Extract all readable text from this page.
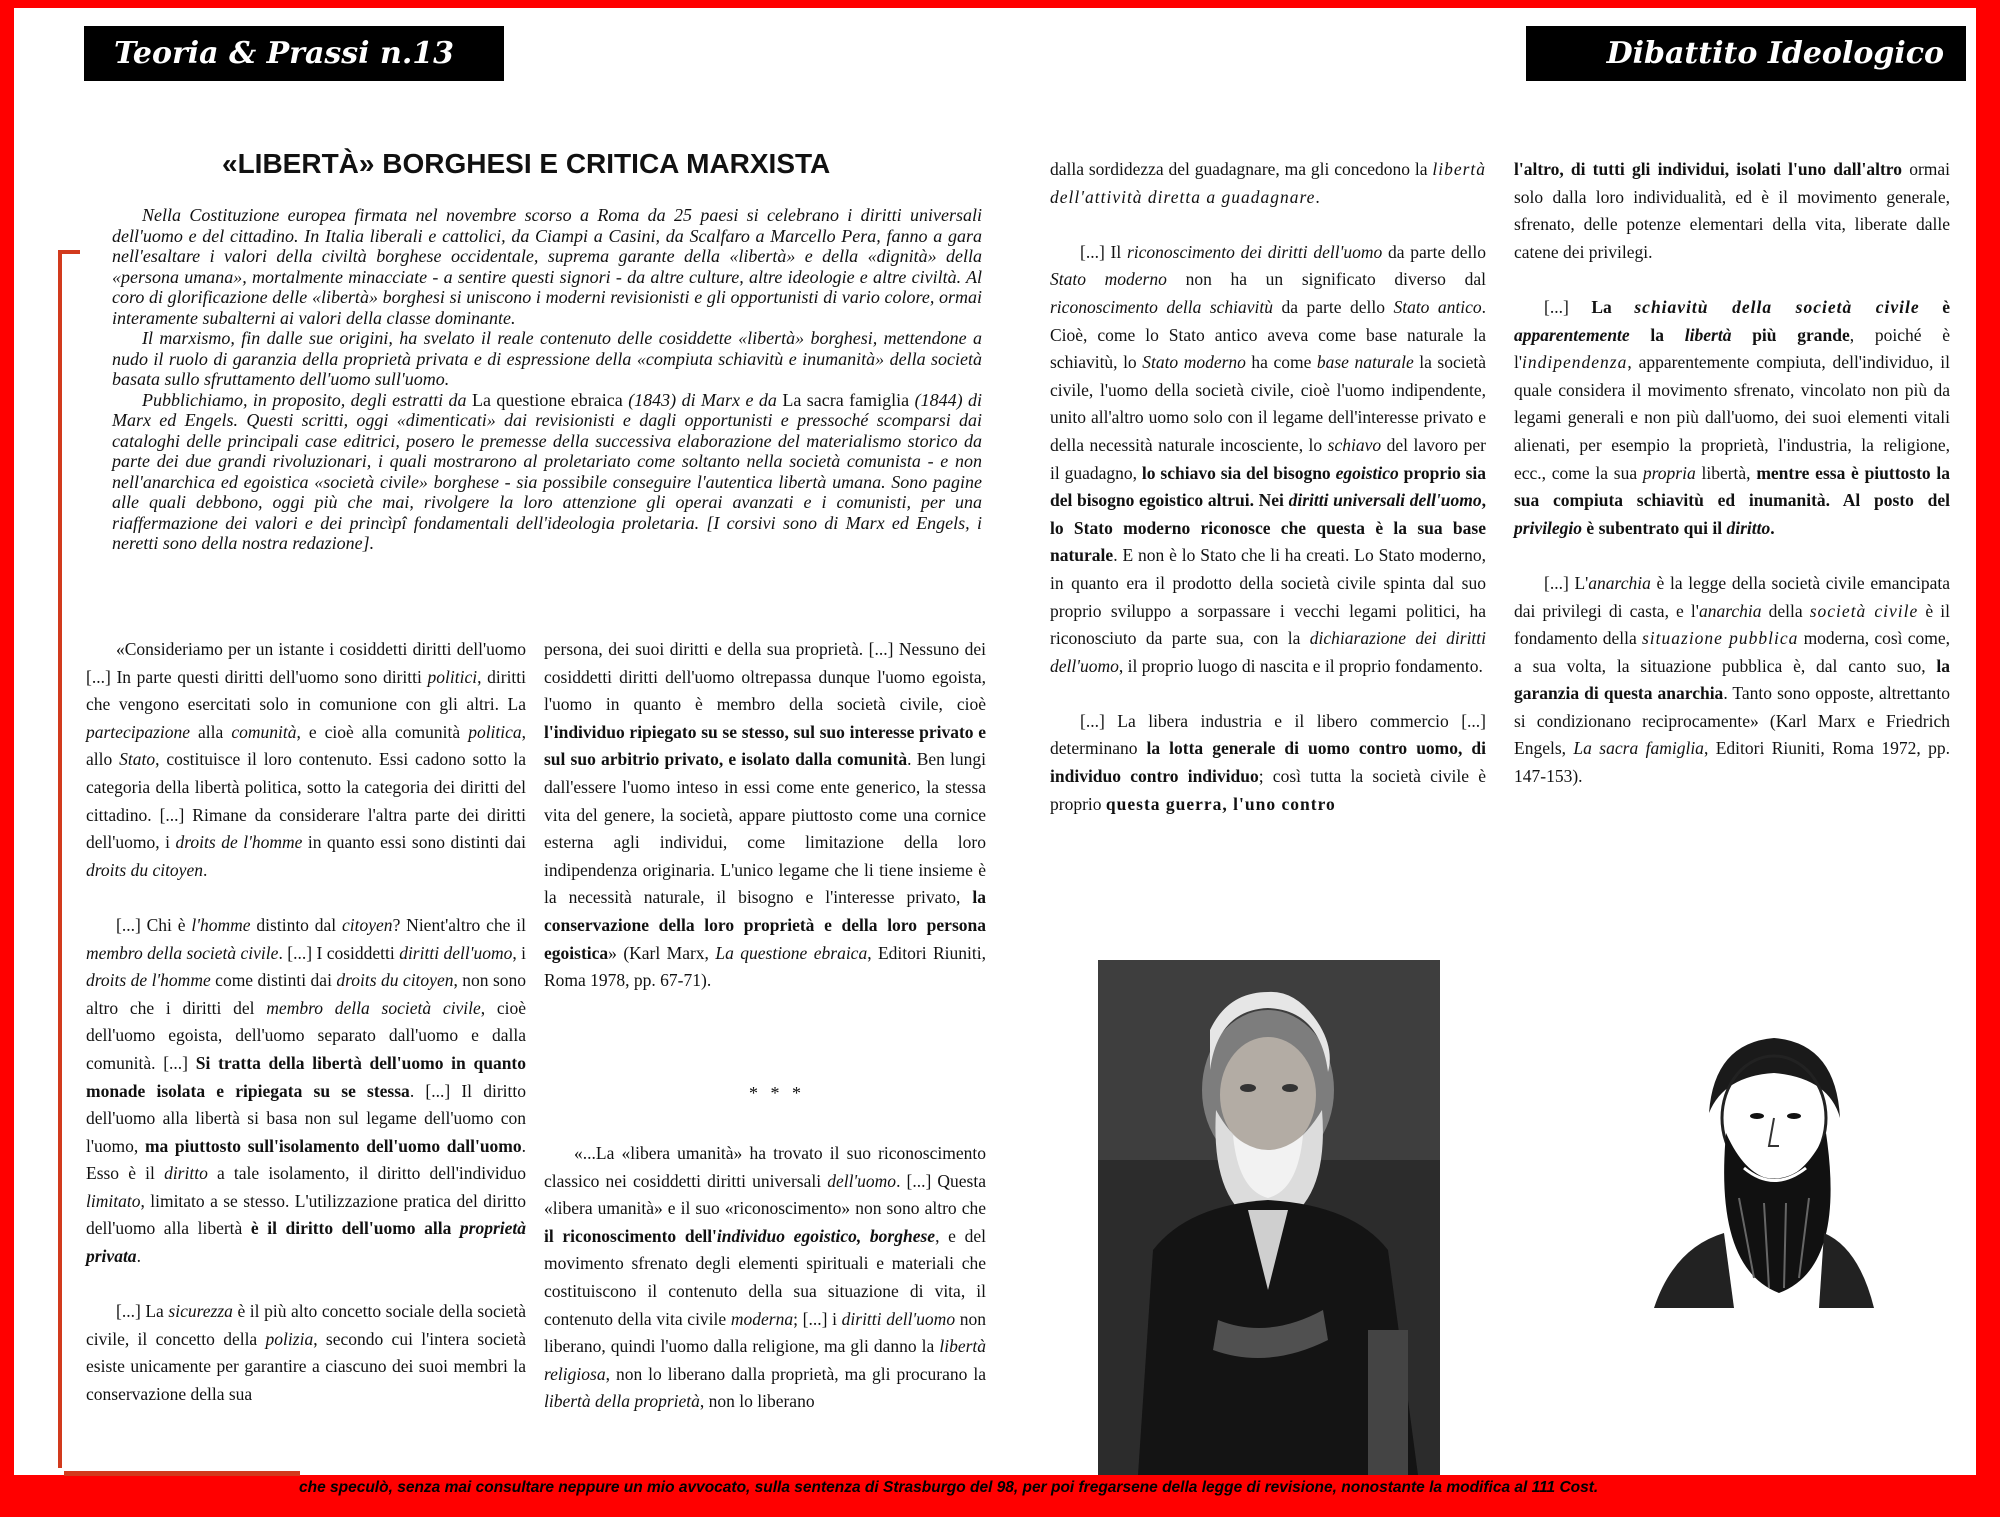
Teoria & Prassi n.13	Dibattito Ideologico
«LIBERTÀ» BORGHESI E CRITICA MARXISTA

Nella Costituzione europea firmata nel novembre scorso a Roma da 25 paesi si celebrano i diritti universali dell'uomo e del cittadino. In Italia liberali e cattolici, da Ciampi a Casini, da Scalfaro a Marcello Pera, fanno a gara nell'esaltare i valori della civiltà borghese occidentale, suprema garante della «libertà» e della «dignità» della «persona umana», mortalmente minacciate - a sentire questi signori - da altre culture, altre ideologie e altre civiltà. Al coro di glorificazione delle «libertà» borghesi si uniscono i moderni revisionisti e gli opportunisti di vario colore, ormai interamente subalterni ai valori della classe dominante.

Il marxismo, fin dalle sue origini, ha svelato il reale contenuto delle cosiddette «libertà» borghesi, mettendone a nudo il ruolo di garanzia della proprietà privata e di espressione della «compiuta schiavitù e inumanità» della società basata sullo sfruttamento dell'uomo sull'uomo.

Pubblichiamo, in proposito, degli estratti da La questione ebraica (1843) di Marx e da La sacra famiglia (1844) di Marx ed Engels. Questi scritti, oggi «dimenticati» dai revisionisti e dagli opportunisti e pressoché scomparsi dai cataloghi delle principali case editrici, posero le premesse della successiva elaborazione del materialismo storico da parte dei due grandi rivoluzionari, i quali mostrarono al proletariato come soltanto nella società comunista - e non nell'anarchica ed egoistica «società civile» borghese - sia possibile conseguire l'autentica libertà umana. Sono pagine alle quali debbono, oggi più che mai, rivolgere la loro attenzione gli operai avanzati e i comunisti, per una riaffermazione dei valori e dei princìpî fondamentali dell'ideologia proletaria. [I corsivi sono di Marx ed Engels, i neretti sono della nostra redazione].

«Consideriamo per un istante i cosiddetti diritti dell'uomo [...] In parte questi diritti dell'uomo sono diritti politici, diritti che vengono esercitati solo in comunione con gli altri. La partecipazione alla comunità, e cioè alla comunità politica, allo Stato, costituisce il loro contenuto. Essi cadono sotto la categoria della libertà politica, sotto la categoria dei diritti del cittadino. [...] Rimane da considerare l'altra parte dei diritti dell'uomo, i droits de l'homme in quanto essi sono distinti dai droits du citoyen.

[...] Chi è l'homme distinto dal citoyen? Nient'altro che il membro della società civile. [...] I cosiddetti diritti dell'uomo, i droits de l'homme come distinti dai droits du citoyen, non sono altro che i diritti del membro della società civile, cioè dell'uomo egoista, dell'uomo separato dall'uomo e dalla comunità. [...] Si tratta della libertà dell'uomo in quanto monade isolata e ripiegata su se stessa. [...] Il diritto dell'uomo alla libertà si basa non sul legame dell'uomo con l'uomo, ma piuttosto sull'isolamento dell'uomo dall'uomo. Esso è il diritto a tale isolamento, il diritto dell'individuo limitato, limitato a se stesso. L'utilizzazione pratica del diritto dell'uomo alla libertà è il diritto dell'uomo alla proprietà privata.

[...] La sicurezza è il più alto concetto sociale della società civile, il concetto della polizia, secondo cui l'intera società esiste unicamente per garantire a ciascuno dei suoi membri la conservazione della sua

persona, dei suoi diritti e della sua proprietà. [...] Nessuno dei cosiddetti diritti dell'uomo oltrepassa dunque l'uomo egoista, l'uomo in quanto è membro della società civile, cioè l'individuo ripiegato su se stesso, sul suo interesse privato e sul suo arbitrio privato, e isolato dalla comunità. Ben lungi dall'essere l'uomo inteso in essi come ente generico, la stessa vita del genere, la società, appare piuttosto come una cornice esterna agli individui, come limitazione della loro indipendenza originaria. L'unico legame che li tiene insieme è la necessità naturale, il bisogno e l'interesse privato, la conservazione della loro proprietà e della loro persona egoistica» (Karl Marx, La questione ebraica, Editori Riuniti, Roma 1978, pp. 67-71).

* * *

«...La «libera umanità» ha trovato il suo riconoscimento classico nei cosiddetti diritti universali dell'uomo. [...] Questa «libera umanità» e il suo «riconoscimento» non sono altro che il riconoscimento dell'individuo egoistico, borghese, e del movimento sfrenato degli elementi spirituali e materiali che costituiscono il contenuto della sua situazione di vita, il contenuto della vita civile moderna; [...] i diritti dell'uomo non liberano, quindi l'uomo dalla religione, ma gli danno la libertà religiosa, non lo liberano dalla proprietà, ma gli procurano la libertà della proprietà, non lo liberano

dalla sordidezza del guadagnare, ma gli concedono la libertà dell'attività diretta a guadagnare.

[...] Il riconoscimento dei diritti dell'uomo da parte dello Stato moderno non ha un significato diverso dal riconoscimento della schiavitù da parte dello Stato antico. Cioè, come lo Stato antico aveva come base naturale la schiavitù, lo Stato moderno ha come base naturale la società civile, l'uomo della società civile, cioè l'uomo indipendente, unito all'altro uomo solo con il legame dell'interesse privato e della necessità naturale incosciente, lo schiavo del lavoro per il guadagno, lo schiavo sia del bisogno egoistico proprio sia del bisogno egoistico altrui. Nei diritti universali dell'uomo, lo Stato moderno riconosce che questa è la sua base naturale. E non è lo Stato che li ha creati. Lo Stato moderno, in quanto era il prodotto della società civile spinta dal suo proprio sviluppo a sorpassare i vecchi legami politici, ha riconosciuto da parte sua, con la dichiarazione dei diritti dell'uomo, il proprio luogo di nascita e il proprio fondamento.

[...] La libera industria e il libero commercio [...] determinano la lotta generale di uomo contro uomo, di individuo contro individuo; così tutta la società civile è proprio questa guerra, l'uno contro

l'altro, di tutti gli individui, isolati l'uno dall'altro ormai solo dalla loro individualità, ed è il movimento generale, sfrenato, delle potenze elementari della vita, liberate dalle catene dei privilegi.

[...] La schiavitù della società civile è apparentemente la libertà più grande, poiché è l'indipendenza, apparentemente compiuta, dell'individuo, il quale considera il movimento sfrenato, vincolato non più da legami generali e non più dall'uomo, dei suoi elementi vitali alienati, per esempio la proprietà, l'industria, la religione, ecc., come la sua propria libertà, mentre essa è piuttosto la sua compiuta schiavitù ed inumanità. Al posto del privilegio è subentrato qui il diritto.

[...] L'anarchia è la legge della società civile emancipata dai privilegi di casta, e l'anarchia della società civile è il fondamento della situazione pubblica moderna, così come, a sua volta, la situazione pubblica è, dal canto suo, la garanzia di questa anarchia. Tanto sono opposte, altrettanto si condizionano reciprocamente» (Karl Marx e Friedrich Engels, La sacra famiglia, Editori Riuniti, Roma 1972, pp. 147-153).

che speculò, senza mai consultare neppure un mio avvocato, sulla sentenza di Strasburgo del 98, per poi fregarsene della legge di revisione, nonostante la modifica al 111 Cost.
